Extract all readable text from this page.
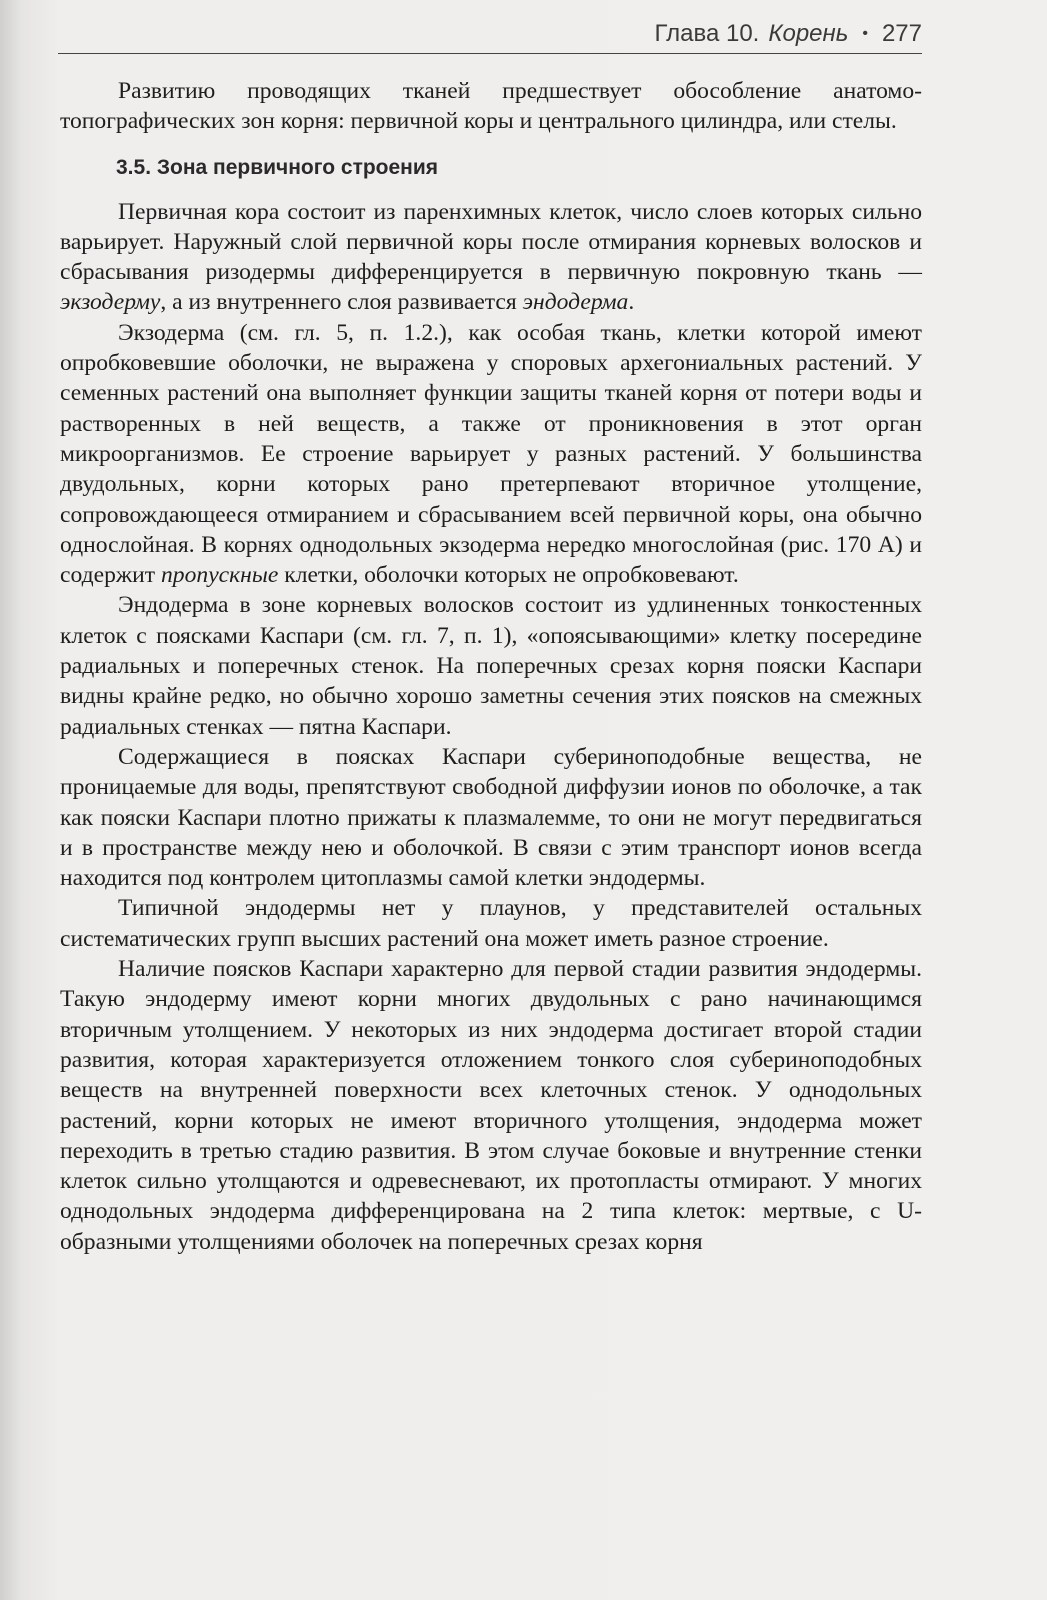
Глава 10. Корень • 277

Развитию проводящих тканей предшествует обособление анатомо-топографических зон корня: первичной коры и центрального цилиндра, или стелы.

3.5. Зона первичного строения

Первичная кора состоит из паренхимных клеток, число слоев которых сильно варьирует. Наружный слой первичной коры после отмирания корневых волосков и сбрасывания ризодермы дифференцируется в первичную покровную ткань — экзодерму, а из внутреннего слоя развивается эндодерма.

Экзодерма (см. гл. 5, п. 1.2.), как особая ткань, клетки которой имеют опробковевшие оболочки, не выражена у споровых архегониальных растений. У семенных растений она выполняет функции защиты тканей корня от потери воды и растворенных в ней веществ, а также от проникновения в этот орган микроорганизмов. Ее строение варьирует у разных растений. У большинства двудольных, корни которых рано претерпевают вторичное утолщение, сопровождающееся отмиранием и сбрасыванием всей первичной коры, она обычно однослойная. В корнях однодольных экзодерма нередко многослойная (рис. 170 А) и содержит пропускные клетки, оболочки которых не опробковевают.

Эндодерма в зоне корневых волосков состоит из удлиненных тонкостенных клеток с поясками Каспари (см. гл. 7, п. 1), «опоясывающими» клетку посередине радиальных и поперечных стенок. На поперечных срезах корня пояски Каспари видны крайне редко, но обычно хорошо заметны сечения этих поясков на смежных радиальных стенках — пятна Каспари.

Содержащиеся в поясках Каспари субериноподобные вещества, не проницаемые для воды, препятствуют свободной диффузии ионов по оболочке, а так как пояски Каспари плотно прижаты к плазмалемме, то они не могут передвигаться и в пространстве между нею и оболочкой. В связи с этим транспорт ионов всегда находится под контролем цитоплазмы самой клетки эндодермы.

Типичной эндодермы нет у плаунов, у представителей остальных систематических групп высших растений она может иметь разное строение.

Наличие поясков Каспари характерно для первой стадии развития эндодермы. Такую эндодерму имеют корни многих двудольных с рано начинающимся вторичным утолщением. У некоторых из них эндодерма достигает второй стадии развития, которая характеризуется отложением тонкого слоя субериноподобных веществ на внутренней поверхности всех клеточных стенок. У однодольных растений, корни которых не имеют вторичного утолщения, эндодерма может переходить в третью стадию развития. В этом случае боковые и внутренние стенки клеток сильно утолщаются и одревесневают, их протопласты отмирают. У многих однодольных эндодерма дифференцирована на 2 типа клеток: мертвые, с U-образными утолщениями оболочек на поперечных срезах корня
